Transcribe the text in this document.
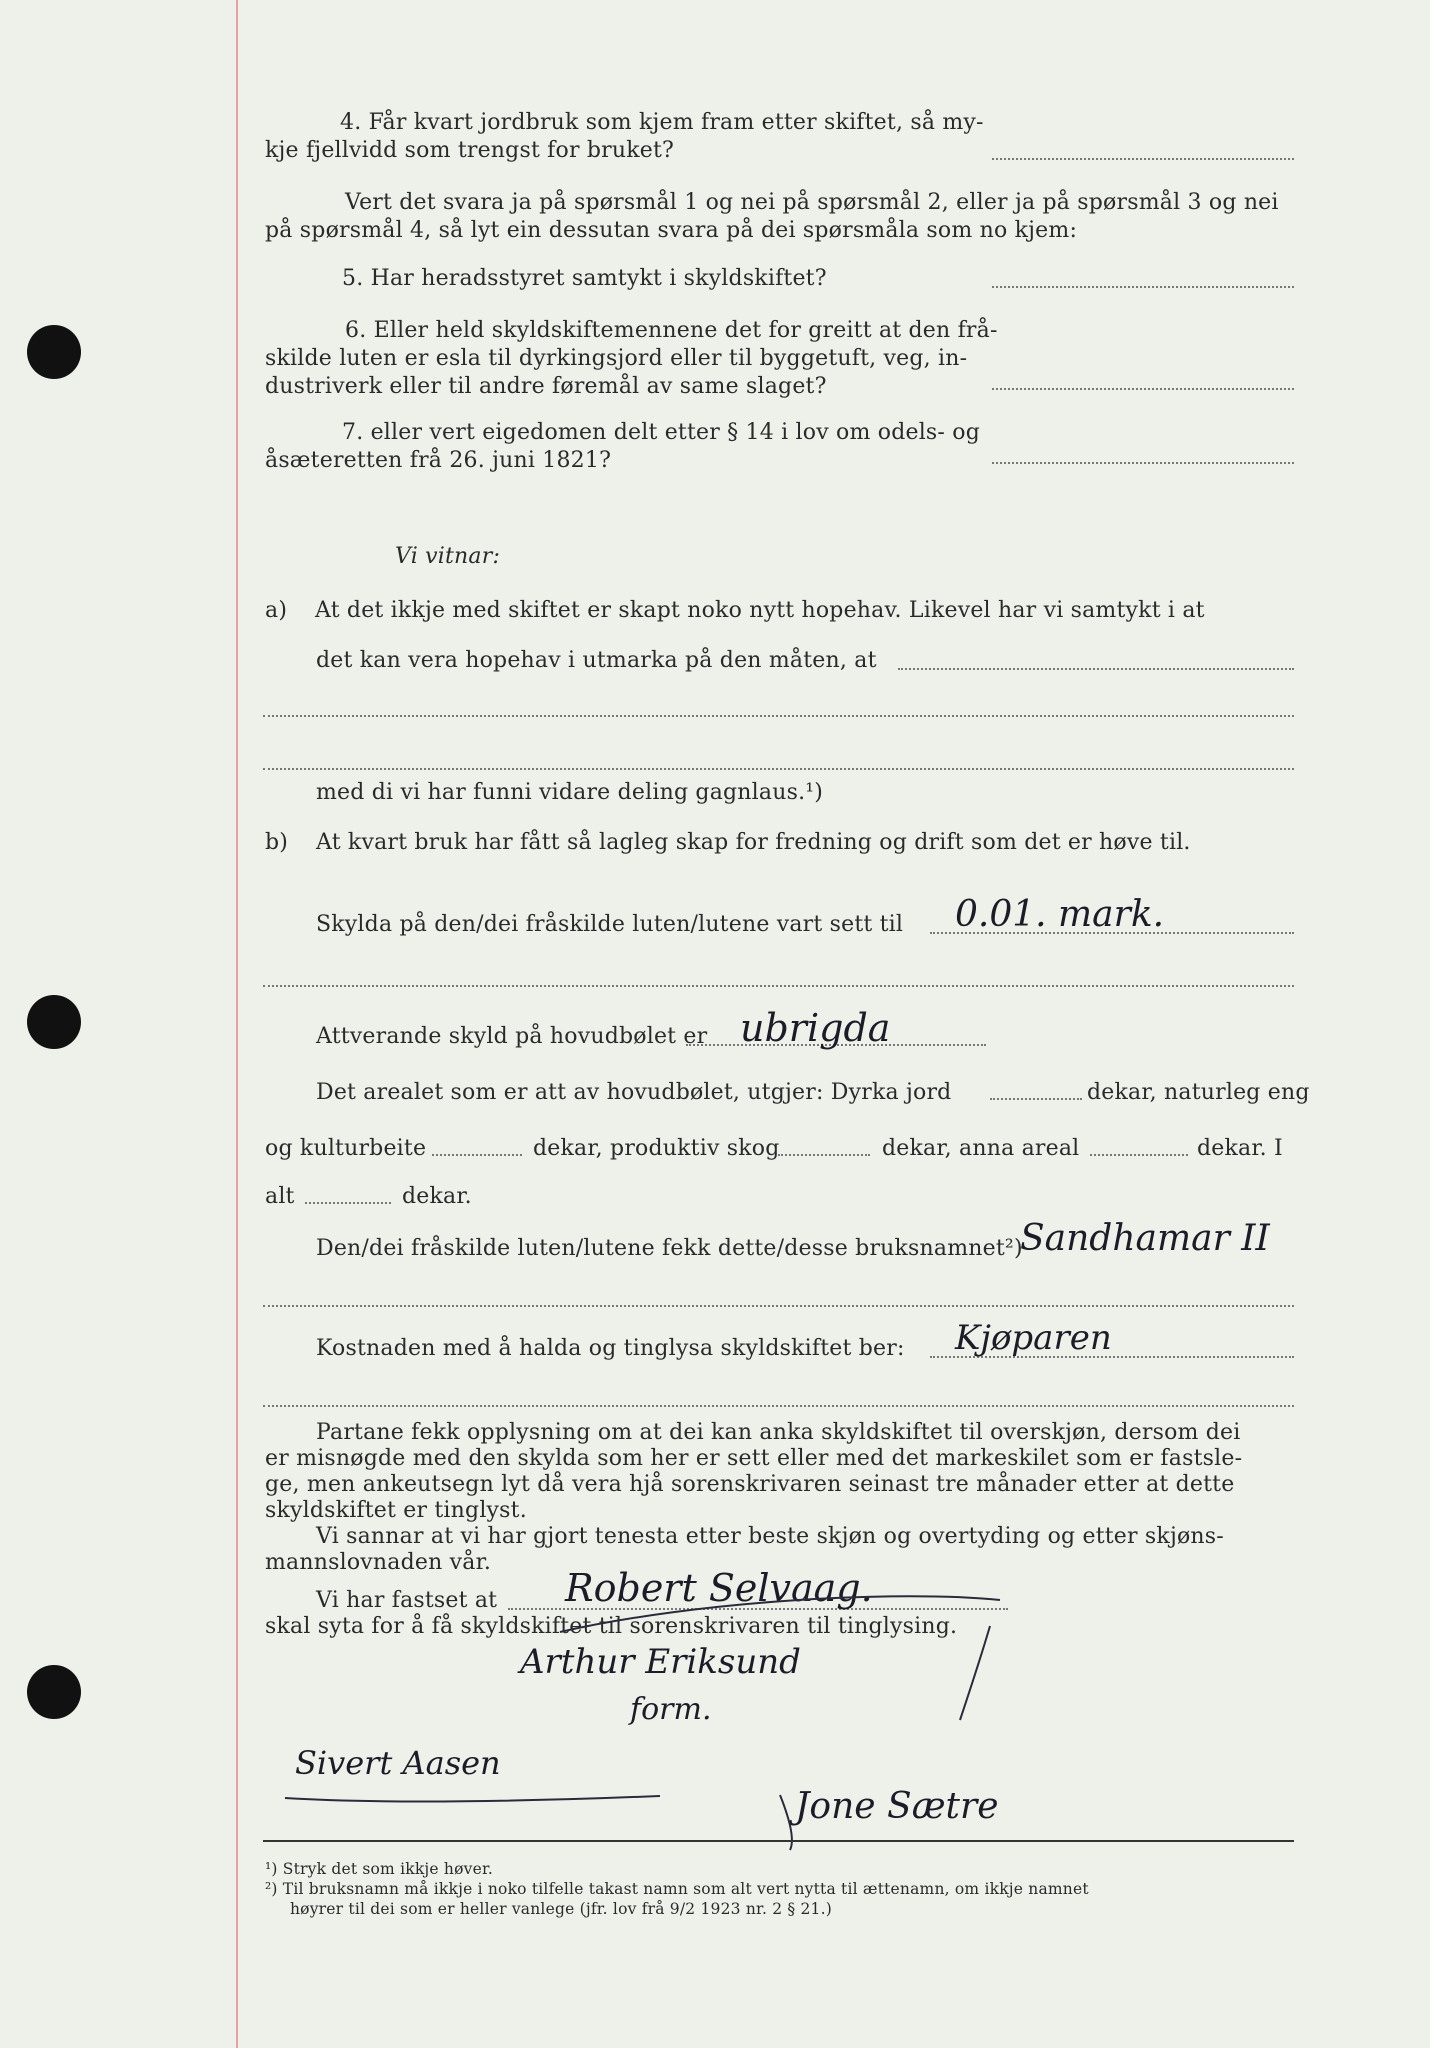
4. Får kvart jordbruk som kjem fram etter skiftet, så my-
kje fjellvidd som trengst for bruket?
Vert det svara ja på spørsmål 1 og nei på spørsmål 2, eller ja på spørsmål 3 og nei
på spørsmål 4, så lyt ein dessutan svara på dei spørsmåla som no kjem:
5. Har heradsstyret samtykt i skyldskiftet?
6. Eller held skyldskiftemennene det for greitt at den frå-
skilde luten er esla til dyrkingsjord eller til byggetuft, veg, in-
dustriverk eller til andre føremål av same slaget?
7. eller vert eigedomen delt etter § 14 i lov om odels- og
åsæteretten frå 26. juni 1821?
Vi vitnar:
a) At det ikkje med skiftet er skapt noko nytt hopehav. Likevel har vi samtykt i at
det kan vera hopehav i utmarka på den måten, at
med di vi har funni vidare deling gagnlaus.¹)
b) At kvart bruk har fått så lagleg skap for fredning og drift som det er høve til.
Skylda på den/dei fråskilde luten/lutene vart sett til 0.01. mark.
Attverande skyld på hovudbølet er ubrigda
Det arealet som er att av hovudbølet, utgjer: Dyrka jord	dekar, naturleg eng
og kulturbeite	dekar, produktiv skog	dekar, anna areal	dekar. I
alt	dekar.
Den/dei fråskilde luten/lutene fekk dette/desse bruksnamnet²)
Sandhamar II
Kostnaden med å halda og tinglysa skyldskiftet ber: Kjøparen
Partane fekk opplysning om at dei kan anka skyldskiftet til overskjøn, dersom dei
er misnøgde med den skylda som her er sett eller med det markeskilet som er fastsle-
ge, men ankeutsegn lyt då vera hjå sorenskrivaren seinast tre månader etter at dette
skyldskiftet er tinglyst.
Vi sannar at vi har gjort tenesta etter beste skjøn og overtyding og etter skjøns-
mannslovnaden vår.
Vi har fastset at Robert Selvaag.
skal syta for å få skyldskiftet til sorenskrivaren til tinglysing.
Arthur Eriksund
form.
Sivert Aasen
Jone Sætre
¹) Stryk det som ikkje høver.
²) Til bruksnamn må ikkje i noko tilfelle takast namn som alt vert nytta til ættenamn, om ikkje namnet
høyrer til dei som er heller vanlege (jfr. lov frå 9/2 1923 nr. 2 § 21.)
